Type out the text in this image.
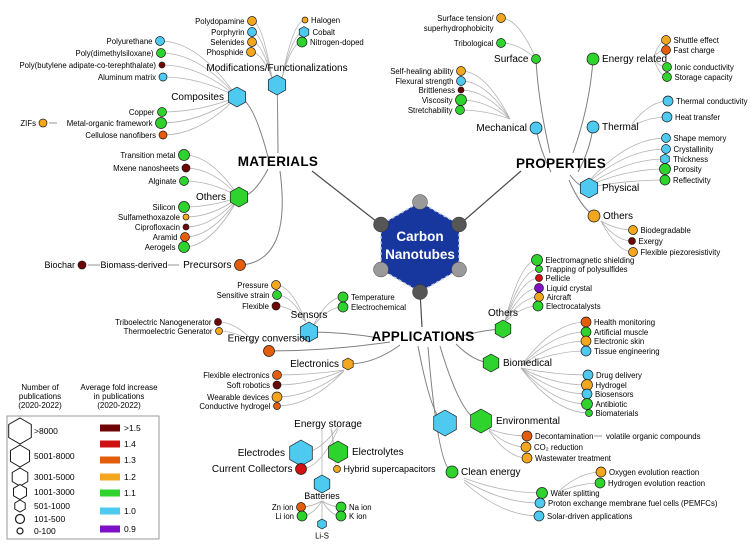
Carbon
Nanotubes
MATERIALS	PROPERTIES
APPLICATIONS
Composites
Polyurethane
Poly(dimethylsiloxane)
Poly(butylene adipate-co-terephthalate)
Aluminum matrix
Copper
Metal-organic framework
Cellulose nanofibers
ZIFs
Modifications/Functionalizations
Polydopamine
Porphyrin
Selenides
Phosphide
Halogen
Cobalt
Nitrogen-doped
Others
Transition metal
Mxene nanosheets
Alginate
Silicon
Sulfamethoxazole
Ciprofloxacin
Aramid
Aerogels
Precursors
Biomass-derived
Biochar
Surface
Surface tension/
superhydrophobicity
Tribological
Mechanical
Self-healing ability
Flexural strength
Brittleness
Viscosity
Stretchability
Energy related
Shuttle effect
Fast charge
Ionic conductivity
Storage capacity
Thermal
Thermal conductivity
Heat transfer
Physical
Shape memory
Crystallinity
Thickness
Porosity
Reflectivity
Others
Biodegradable
Exergy
Flexible piezoresistivity
Sensors
Pressure
Sensitive strain
Flexible
Temperature
Electrochemical
Energy conversion
Triboelectric Nanogenerator
Thermoelectric Generator
Electronics
Flexible electronics
Soft robotics
Wearable devices
Conductive hydrogel
Energy storage
Electrodes
Current Collectors
Electrolytes
Hybrid supercapacitors
Batteries
Zn ion
Li ion
Na ion
K ion
Li-S
Others
Electromagnetic shielding
Trapping of polysulfides
Pellicle
Liquid crystal
Aircraft
Electrocatalysts
Biomedical
Health monitoring
Artificial muscle
Electronic skin
Tissue engineering
Drug delivery
Hydrogel
Biosensors
Antibiotic
Biomaterials
Environmental
Decontamination volatile organic compounds
CO₂ reduction
Wastewater treatment
Clean energy
Water splitting
Proton exchange membrane fuel cells (PEMFCs)
Solar-driven applications
Oxygen evolution reaction
Hydrogen evolution reaction
Number of
publications
(2020-2022)
Average fold increase
in publications
(2020-2022)
>8000
5001-8000
3001-5000
1001-3000
501-1000
101-500
0-100
>1.5
1.4
1.3
1.2
1.1
1.0
0.9
